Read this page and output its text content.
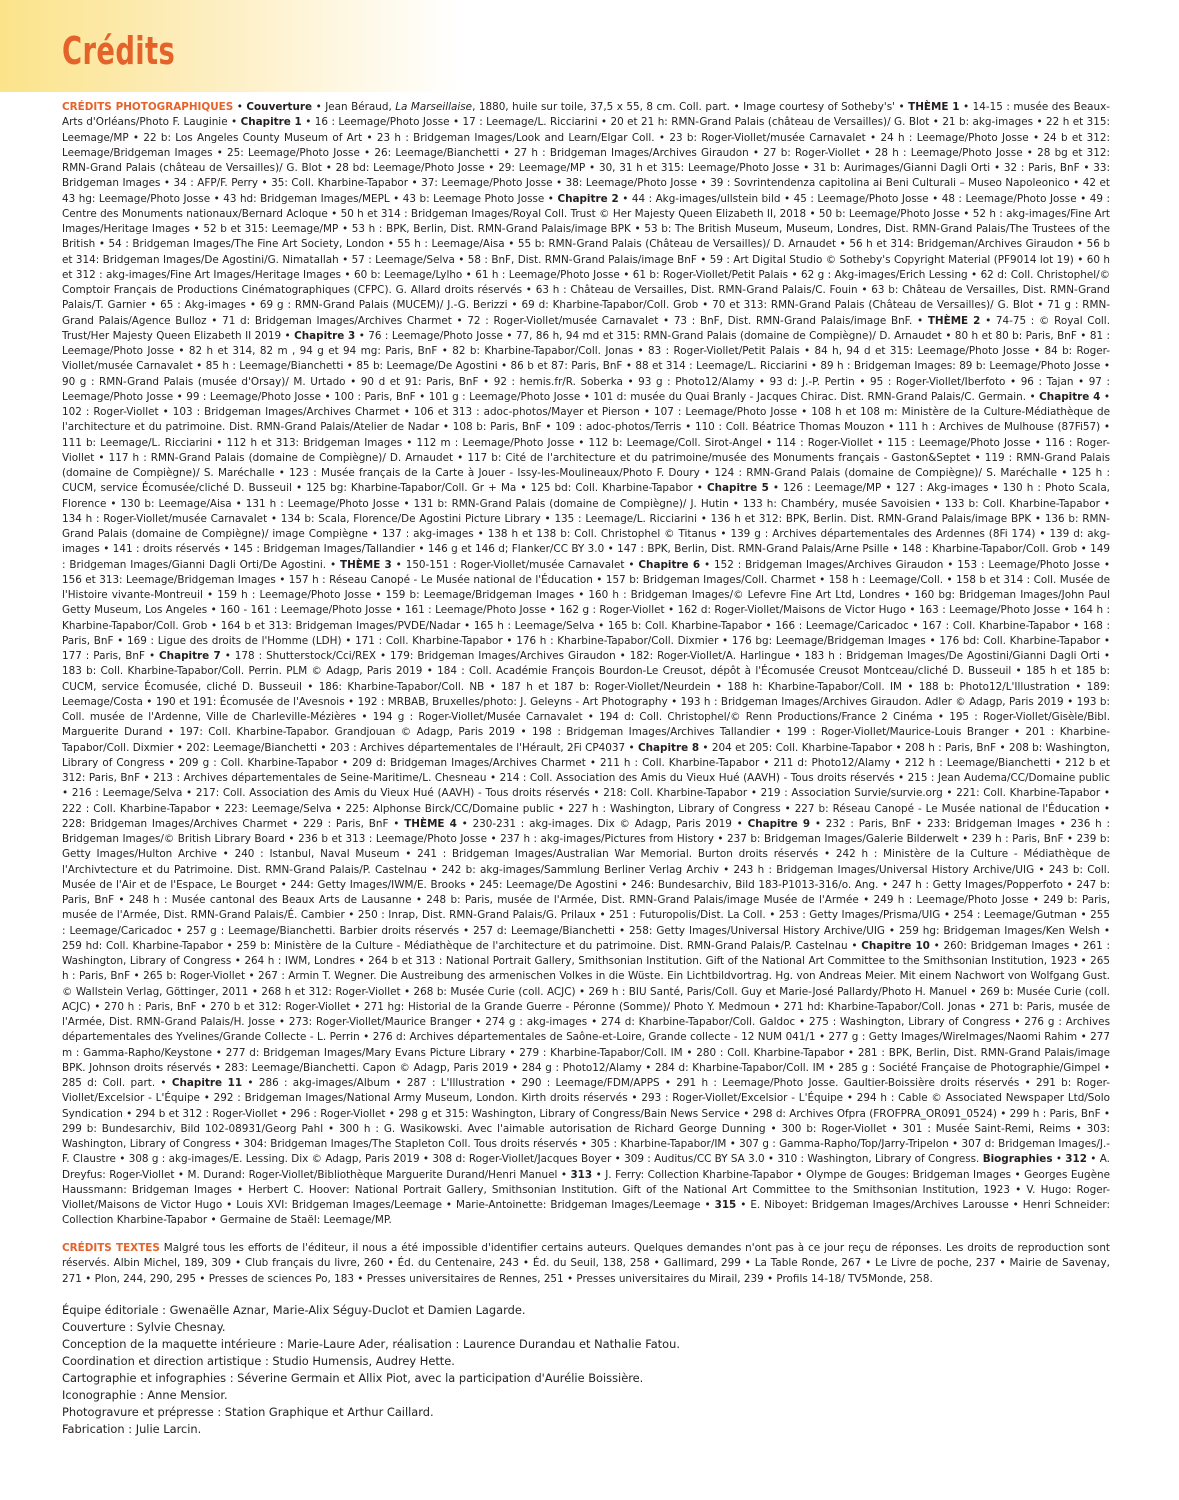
Crédits

CRÉDITS PHOTOGRAPHIQUES • Couverture • Jean Béraud, La Marseillaise, 1880, huile sur toile, 37,5 x 55, 8 cm. Coll. part. • Image courtesy of Sotheby's' • THÈME 1 • 14-15 : musée des Beaux-Arts d'Orléans/Photo F. Lauginie • Chapitre 1 • 16 : Leemage/Photo Josse • 17 : Leemage/L. Ricciarini • 20 et 21 h: RMN-Grand Palais (château de Versailles)/ G. Blot • 21 b: akg-images • 22 h et 315: Leemage/MP • 22 b: Los Angeles County Museum of Art • 23 h : Bridgeman Images/Look and Learn/Elgar Coll. • 23 b: Roger-Viollet/musée Carnavalet • 24 h : Leemage/Photo Josse • 24 b et 312: Leemage/Bridgeman Images • 25: Leemage/Photo Josse • 26: Leemage/Bianchetti • 27 h : Bridgeman Images/Archives Giraudon • 27 b: Roger-Viollet • 28 h : Leemage/Photo Josse • 28 bg et 312: RMN-Grand Palais (château de Versailles)/ G. Blot • 28 bd: Leemage/Photo Josse • 29: Leemage/MP • 30, 31 h et 315: Leemage/Photo Josse • 31 b: Aurimages/Gianni Dagli Orti • 32 : Paris, BnF • 33: Bridgeman Images • 34 : AFP/F. Perry • 35: Coll. Kharbine-Tapabor • 37: Leemage/Photo Josse • 38: Leemage/Photo Josse • 39 : Sovrintendenza capitolina ai Beni Culturali – Museo Napoleonico • 42 et 43 hg: Leemage/Photo Josse • 43 hd: Bridgeman Images/MEPL • 43 b: Leemage Photo Josse • Chapitre 2 • 44 : Akg-images/ullstein bild • 45 : Leemage/Photo Josse • 48 : Leemage/Photo Josse • 49 : Centre des Monuments nationaux/Bernard Acloque • 50 h et 314 : Bridgeman Images/Royal Coll. Trust © Her Majesty Queen Elizabeth II, 2018 • 50 b: Leemage/Photo Josse • 52 h : akg-images/Fine Art Images/Heritage Images • 52 b et 315: Leemage/MP • 53 h : BPK, Berlin, Dist. RMN-Grand Palais/image BPK • 53 b: The British Museum, Museum, Londres, Dist. RMN-Grand Palais/The Trustees of the British • 54 : Bridgeman Images/The Fine Art Society, London • 55 h : Leemage/Aisa • 55 b: RMN-Grand Palais (Château de Versailles)/ D. Arnaudet • 56 h et 314: Bridgeman/Archives Giraudon • 56 b et 314: Bridgeman Images/De Agostini/G. Nimatallah • 57 : Leemage/Selva • 58 : BnF, Dist. RMN-Grand Palais/image BnF • 59 : Art Digital Studio © Sotheby's Copyright Material (PF9014 lot 19) • 60 h et 312 : akg-images/Fine Art Images/Heritage Images • 60 b: Leemage/Lylho • 61 h : Leemage/Photo Josse • 61 b: Roger-Viollet/Petit Palais • 62 g : Akg-images/Erich Lessing • 62 d: Coll. Christophel/© Comptoir Français de Productions Cinématographiques (CFPC). G. Allard droits réservés • 63 h : Château de Versailles, Dist. RMN-Grand Palais/C. Fouin • 63 b: Château de Versailles, Dist. RMN-Grand Palais/T. Garnier • 65 : Akg-images • 69 g : RMN-Grand Palais (MUCEM)/ J.-G. Berizzi • 69 d: Kharbine-Tapabor/Coll. Grob • 70 et 313: RMN-Grand Palais (Château de Versailles)/ G. Blot • 71 g : RMN-Grand Palais/Agence Bulloz • 71 d: Bridgeman Images/Archives Charmet • 72 : Roger-Viollet/musée Carnavalet • 73 : BnF, Dist. RMN-Grand Palais/image BnF. • THÈME 2 • 74-75 : © Royal Coll. Trust/Her Majesty Queen Elizabeth II 2019 • Chapitre 3 • 76 : Leemage/Photo Josse • 77, 86 h, 94 md et 315: RMN-Grand Palais (domaine de Compiègne)/ D. Arnaudet • 80 h et 80 b: Paris, BnF • 81 : Leemage/Photo Josse • 82 h et 314, 82 m , 94 g et 94 mg: Paris, BnF • 82 b: Kharbine-Tapabor/Coll. Jonas • 83 : Roger-Viollet/Petit Palais • 84 h, 94 d et 315: Leemage/Photo Josse • 84 b: Roger-Viollet/musée Carnavalet • 85 h : Leemage/Bianchetti • 85 b: Leemage/De Agostini • 86 b et 87: Paris, BnF • 88 et 314 : Leemage/L. Ricciarini • 89 h : Bridgeman Images: 89 b: Leemage/Photo Josse • 90 g : RMN-Grand Palais (musée d'Orsay)/ M. Urtado • 90 d et 91: Paris, BnF • 92 : hemis.fr/R. Soberka • 93 g : Photo12/Alamy • 93 d: J.-P. Pertin • 95 : Roger-Viollet/Iberfoto • 96 : Tajan • 97 : Leemage/Photo Josse • 99 : Leemage/Photo Josse • 100 : Paris, BnF • 101 g : Leemage/Photo Josse • 101 d: musée du Quai Branly - Jacques Chirac. Dist. RMN-Grand Palais/C. Germain. • Chapitre 4 • 102 : Roger-Viollet • 103 : Bridgeman Images/Archives Charmet • 106 et 313 : adoc-photos/Mayer et Pierson • 107 : Leemage/Photo Josse • 108 h et 108 m: Ministère de la Culture-Médiathèque de l'architecture et du patrimoine. Dist. RMN-Grand Palais/Atelier de Nadar • 108 b: Paris, BnF • 109 : adoc-photos/Terris • 110 : Coll. Béatrice Thomas Mouzon • 111 h : Archives de Mulhouse (87Fi57) • 111 b: Leemage/L. Ricciarini • 112 h et 313: Bridgeman Images • 112 m : Leemage/Photo Josse • 112 b: Leemage/Coll. Sirot-Angel • 114 : Roger-Viollet • 115 : Leemage/Photo Josse • 116 : Roger-Viollet • 117 h : RMN-Grand Palais (domaine de Compiègne)/ D. Arnaudet • 117 b: Cité de l'architecture et du patrimoine/musée des Monuments français - Gaston&Septet • 119 : RMN-Grand Palais (domaine de Compiègne)/ S. Maréchalle • 123 : Musée français de la Carte à Jouer - Issy-les-Moulineaux/Photo F. Doury • 124 : RMN-Grand Palais (domaine de Compiègne)/ S. Maréchalle • 125 h : CUCM, service Écomusée/cliché D. Busseuil • 125 bg: Kharbine-Tapabor/Coll. Gr + Ma • 125 bd: Coll. Kharbine-Tapabor • Chapitre 5 • 126 : Leemage/MP • 127 : Akg-images • 130 h : Photo Scala, Florence • 130 b: Leemage/Aisa • 131 h : Leemage/Photo Josse • 131 b: RMN-Grand Palais (domaine de Compiègne)/ J. Hutin • 133 h: Chambéry, musée Savoisien • 133 b: Coll. Kharbine-Tapabor • 134 h : Roger-Viollet/musée Carnavalet • 134 b: Scala, Florence/De Agostini Picture Library • 135 : Leemage/L. Ricciarini • 136 h et 312: BPK, Berlin. Dist. RMN-Grand Palais/image BPK • 136 b: RMN-Grand Palais (domaine de Compiègne)/ image Compiègne • 137 : akg-images • 138 h et 138 b: Coll. Christophel © Titanus • 139 g : Archives départementales des Ardennes (8Fi 174) • 139 d: akg-images • 141 : droits réservés • 145 : Bridgeman Images/Tallandier • 146 g et 146 d; Flanker/CC BY 3.0 • 147 : BPK, Berlin, Dist. RMN-Grand Palais/Arne Psille • 148 : Kharbine-Tapabor/Coll. Grob • 149 : Bridgeman Images/Gianni Dagli Orti/De Agostini. • THÈME 3 • 150-151 : Roger-Viollet/musée Carnavalet • Chapitre 6 • 152 : Bridgeman Images/Archives Giraudon • 153 : Leemage/Photo Josse • 156 et 313: Leemage/Bridgeman Images • 157 h : Réseau Canopé - Le Musée national de l'Éducation • 157 b: Bridgeman Images/Coll. Charmet • 158 h : Leemage/Coll. • 158 b et 314 : Coll. Musée de l'Histoire vivante-Montreuil • 159 h : Leemage/Photo Josse • 159 b: Leemage/Bridgeman Images • 160 h : Bridgeman Images/© Lefevre Fine Art Ltd, Londres • 160 bg: Bridgeman Images/John Paul Getty Museum, Los Angeles • 160 - 161 : Leemage/Photo Josse • 161 : Leemage/Photo Josse • 162 g : Roger-Viollet • 162 d: Roger-Viollet/Maisons de Victor Hugo • 163 : Leemage/Photo Josse • 164 h : Kharbine-Tapabor/Coll. Grob • 164 b et 313: Bridgeman Images/PVDE/Nadar • 165 h : Leemage/Selva • 165 b: Coll. Kharbine-Tapabor • 166 : Leemage/Caricadoc • 167 : Coll. Kharbine-Tapabor • 168 : Paris, BnF • 169 : Ligue des droits de l'Homme (LDH) • 171 : Coll. Kharbine-Tapabor • 176 h : Kharbine-Tapabor/Coll. Dixmier • 176 bg: Leemage/Bridgeman Images • 176 bd: Coll. Kharbine-Tapabor • 177 : Paris, BnF • Chapitre 7 • 178 : Shutterstock/Cci/REX • 179: Bridgeman Images/Archives Giraudon • 182: Roger-Viollet/A. Harlingue • 183 h : Bridgeman Images/De Agostini/Gianni Dagli Orti • 183 b: Coll. Kharbine-Tapabor/Coll. Perrin. PLM © Adagp, Paris 2019 • 184 : Coll. Académie François Bourdon-Le Creusot, dépôt à l'Écomusée Creusot Montceau/cliché D. Busseuil • 185 h et 185 b: CUCM, service Écomusée, cliché D. Busseuil • 186: Kharbine-Tapabor/Coll. NB • 187 h et 187 b: Roger-Viollet/Neurdein • 188 h: Kharbine-Tapabor/Coll. IM • 188 b: Photo12/L'Illustration • 189: Leemage/Costa • 190 et 191: Écomusée de l'Avesnois • 192 : MRBAB, Bruxelles/photo: J. Geleyns - Art Photography • 193 h : Bridgeman Images/Archives Giraudon. Adler © Adagp, Paris 2019 • 193 b: Coll. musée de l'Ardenne, Ville de Charleville-Mézières • 194 g : Roger-Viollet/Musée Carnavalet • 194 d: Coll. Christophel/© Renn Productions/France 2 Cinéma • 195 : Roger-Viollet/Gisèle/Bibl. Marguerite Durand • 197: Coll. Kharbine-Tapabor. Grandjouan © Adagp, Paris 2019 • 198 : Bridgeman Images/Archives Tallandier • 199 : Roger-Viollet/Maurice-Louis Branger • 201 : Kharbine-Tapabor/Coll. Dixmier • 202: Leemage/Bianchetti • 203 : Archives départementales de l'Hérault, 2Fi CP4037 • Chapitre 8 • 204 et 205: Coll. Kharbine-Tapabor • 208 h : Paris, BnF • 208 b: Washington, Library of Congress • 209 g : Coll. Kharbine-Tapabor • 209 d: Bridgeman Images/Archives Charmet • 211 h : Coll. Kharbine-Tapabor • 211 d: Photo12/Alamy • 212 h : Leemage/Bianchetti • 212 b et 312: Paris, BnF • 213 : Archives départementales de Seine-Maritime/L. Chesneau • 214 : Coll. Association des Amis du Vieux Hué (AAVH) - Tous droits réservés • 215 : Jean Audema/CC/Domaine public • 216 : Leemage/Selva • 217: Coll. Association des Amis du Vieux Hué (AAVH) - Tous droits réservés • 218: Coll. Kharbine-Tapabor • 219 : Association Survie/survie.org • 221: Coll. Kharbine-Tapabor • 222 : Coll. Kharbine-Tapabor • 223: Leemage/Selva • 225: Alphonse Birck/CC/Domaine public • 227 h : Washington, Library of Congress • 227 b: Réseau Canopé - Le Musée national de l'Éducation • 228: Bridgeman Images/Archives Charmet • 229 : Paris, BnF • THÈME 4 • 230-231 : akg-images. Dix © Adagp, Paris 2019 • Chapitre 9 • 232 : Paris, BnF • 233: Bridgeman Images • 236 h : Bridgeman Images/© British Library Board • 236 b et 313 : Leemage/Photo Josse • 237 h : akg-images/Pictures from History • 237 b: Bridgeman Images/Galerie Bilderwelt • 239 h : Paris, BnF • 239 b: Getty Images/Hulton Archive • 240 : Istanbul, Naval Museum • 241 : Bridgeman Images/Australian War Memorial. Burton droits réservés • 242 h : Ministère de la Culture - Médiathèque de l'Archivtecture et du Patrimoine. Dist. RMN-Grand Palais/P. Castelnau • 242 b: akg-images/Sammlung Berliner Verlag Archiv • 243 h : Bridgeman Images/Universal History Archive/UIG • 243 b: Coll. Musée de l'Air et de l'Espace, Le Bourget • 244: Getty Images/IWM/E. Brooks • 245: Leemage/De Agostini • 246: Bundesarchiv, Bild 183-P1013-316/o. Ang. • 247 h : Getty Images/Popperfoto • 247 b: Paris, BnF • 248 h : Musée cantonal des Beaux Arts de Lausanne • 248 b: Paris, musée de l'Armée, Dist. RMN-Grand Palais/image Musée de l'Armée • 249 h : Leemage/Photo Josse • 249 b: Paris, musée de l'Armée, Dist. RMN-Grand Palais/É. Cambier • 250 : Inrap, Dist. RMN-Grand Palais/G. Prilaux • 251 : Futuropolis/Dist. La Coll. • 253 : Getty Images/Prisma/UIG • 254 : Leemage/Gutman • 255 : Leemage/Caricadoc • 257 g : Leemage/Bianchetti. Barbier droits réservés • 257 d: Leemage/Bianchetti • 258: Getty Images/Universal History Archive/UIG • 259 hg: Bridgeman Images/Ken Welsh • 259 hd: Coll. Kharbine-Tapabor • 259 b: Ministère de la Culture - Médiathèque de l'architecture et du patrimoine. Dist. RMN-Grand Palais/P. Castelnau • Chapitre 10 • 260: Bridgeman Images • 261 : Washington, Library of Congress • 264 h : IWM, Londres • 264 b et 313 : National Portrait Gallery, Smithsonian Institution. Gift of the National Art Committee to the Smithsonian Institution, 1923 • 265 h : Paris, BnF • 265 b: Roger-Viollet • 267 : Armin T. Wegner. Die Austreibung des armenischen Volkes in die Wüste. Ein Lichtbildvortrag. Hg. von Andreas Meier. Mit einem Nachwort von Wolfgang Gust. © Wallstein Verlag, Göttinger, 2011 • 268 h et 312: Roger-Viollet • 268 b: Musée Curie (coll. ACJC) • 269 h : BIU Santé, Paris/Coll. Guy et Marie-José Pallardy/Photo H. Manuel • 269 b: Musée Curie (coll. ACJC) • 270 h : Paris, BnF • 270 b et 312: Roger-Viollet • 271 hg: Historial de la Grande Guerre - Péronne (Somme)/ Photo Y. Medmoun • 271 hd: Kharbine-Tapabor/Coll. Jonas • 271 b: Paris, musée de l'Armée, Dist. RMN-Grand Palais/H. Josse • 273: Roger-Viollet/Maurice Branger • 274 g : akg-images • 274 d: Kharbine-Tapabor/Coll. Galdoc • 275 : Washington, Library of Congress • 276 g : Archives départementales des Yvelines/Grande Collecte - L. Perrin • 276 d: Archives départementales de Saône-et-Loire, Grande collecte - 12 NUM 041/1 • 277 g : Getty Images/WireImages/Naomi Rahim • 277 m : Gamma-Rapho/Keystone • 277 d: Bridgeman Images/Mary Evans Picture Library • 279 : Kharbine-Tapabor/Coll. IM • 280 : Coll. Kharbine-Tapabor • 281 : BPK, Berlin, Dist. RMN-Grand Palais/image BPK. Johnson droits réservés • 283: Leemage/Bianchetti. Capon © Adagp, Paris 2019 • 284 g : Photo12/Alamy • 284 d: Kharbine-Tapabor/Coll. IM • 285 g : Société Française de Photographie/Gimpel • 285 d: Coll. part. • Chapitre 11 • 286 : akg-images/Album • 287 : L'Illustration • 290 : Leemage/FDM/APPS • 291 h : Leemage/Photo Josse. Gaultier-Boissière droits réservés • 291 b: Roger-Viollet/Excelsior - L'Équipe • 292 : Bridgeman Images/National Army Museum, London. Kirth droits réservés • 293 : Roger-Viollet/Excelsior - L'Équipe • 294 h : Cable © Associated Newspaper Ltd/Solo Syndication • 294 b et 312 : Roger-Viollet • 296 : Roger-Viollet • 298 g et 315: Washington, Library of Congress/Bain News Service • 298 d: Archives Ofpra (FROFPRA_OR091_0524) • 299 h : Paris, BnF • 299 b: Bundesarchiv, Bild 102-08931/Georg Pahl • 300 h : G. Wasikowski. Avec l'aimable autorisation de Richard George Dunning • 300 b: Roger-Viollet • 301 : Musée Saint-Remi, Reims • 303: Washington, Library of Congress • 304: Bridgeman Images/The Stapleton Coll. Tous droits réservés • 305 : Kharbine-Tapabor/IM • 307 g : Gamma-Rapho/Top/Jarry-Tripelon • 307 d: Bridgeman Images/J.-F. Claustre • 308 g : akg-images/E. Lessing. Dix © Adagp, Paris 2019 • 308 d: Roger-Viollet/Jacques Boyer • 309 : Auditus/CC BY SA 3.0 • 310 : Washington, Library of Congress. Biographies • 312 • A. Dreyfus: Roger-Viollet • M. Durand: Roger-Viollet/Bibliothèque Marguerite Durand/Henri Manuel • 313 • J. Ferry: Collection Kharbine-Tapabor • Olympe de Gouges: Bridgeman Images • Georges Eugène Haussmann: Bridgeman Images • Herbert C. Hoover: National Portrait Gallery, Smithsonian Institution. Gift of the National Art Committee to the Smithsonian Institution, 1923 • V. Hugo: Roger-Viollet/Maisons de Victor Hugo • Louis XVI: Bridgeman Images/Leemage • Marie-Antoinette: Bridgeman Images/Leemage • 315 • E. Niboyet: Bridgeman Images/Archives Larousse • Henri Schneider: Collection Kharbine-Tapabor • Germaine de Staël: Leemage/MP.

CRÉDITS TEXTES Malgré tous les efforts de l'éditeur, il nous a été impossible d'identifier certains auteurs. Quelques demandes n'ont pas à ce jour reçu de réponses. Les droits de reproduction sont réservés. Albin Michel, 189, 309 • Club français du livre, 260 • Éd. du Centenaire, 243 • Éd. du Seuil, 138, 258 • Gallimard, 299 • La Table Ronde, 267 • Le Livre de poche, 237 • Mairie de Savenay, 271 • Plon, 244, 290, 295 • Presses de sciences Po, 183 • Presses universitaires de Rennes, 251 • Presses universitaires du Mirail, 239 • Profils 14-18/ TV5Monde, 258.

Équipe éditoriale : Gwenaëlle Aznar, Marie-Alix Séguy-Duclot et Damien Lagarde.
Couverture : Sylvie Chesnay.
Conception de la maquette intérieure : Marie-Laure Ader, réalisation : Laurence Durandau et Nathalie Fatou.
Coordination et direction artistique : Studio Humensis, Audrey Hette.
Cartographie et infographies : Séverine Germain et Allix Piot, avec la participation d'Aurélie Boissière.
Iconographie : Anne Mensior.
Photogravure et prépresse : Station Graphique et Arthur Caillard.
Fabrication : Julie Larcin.
